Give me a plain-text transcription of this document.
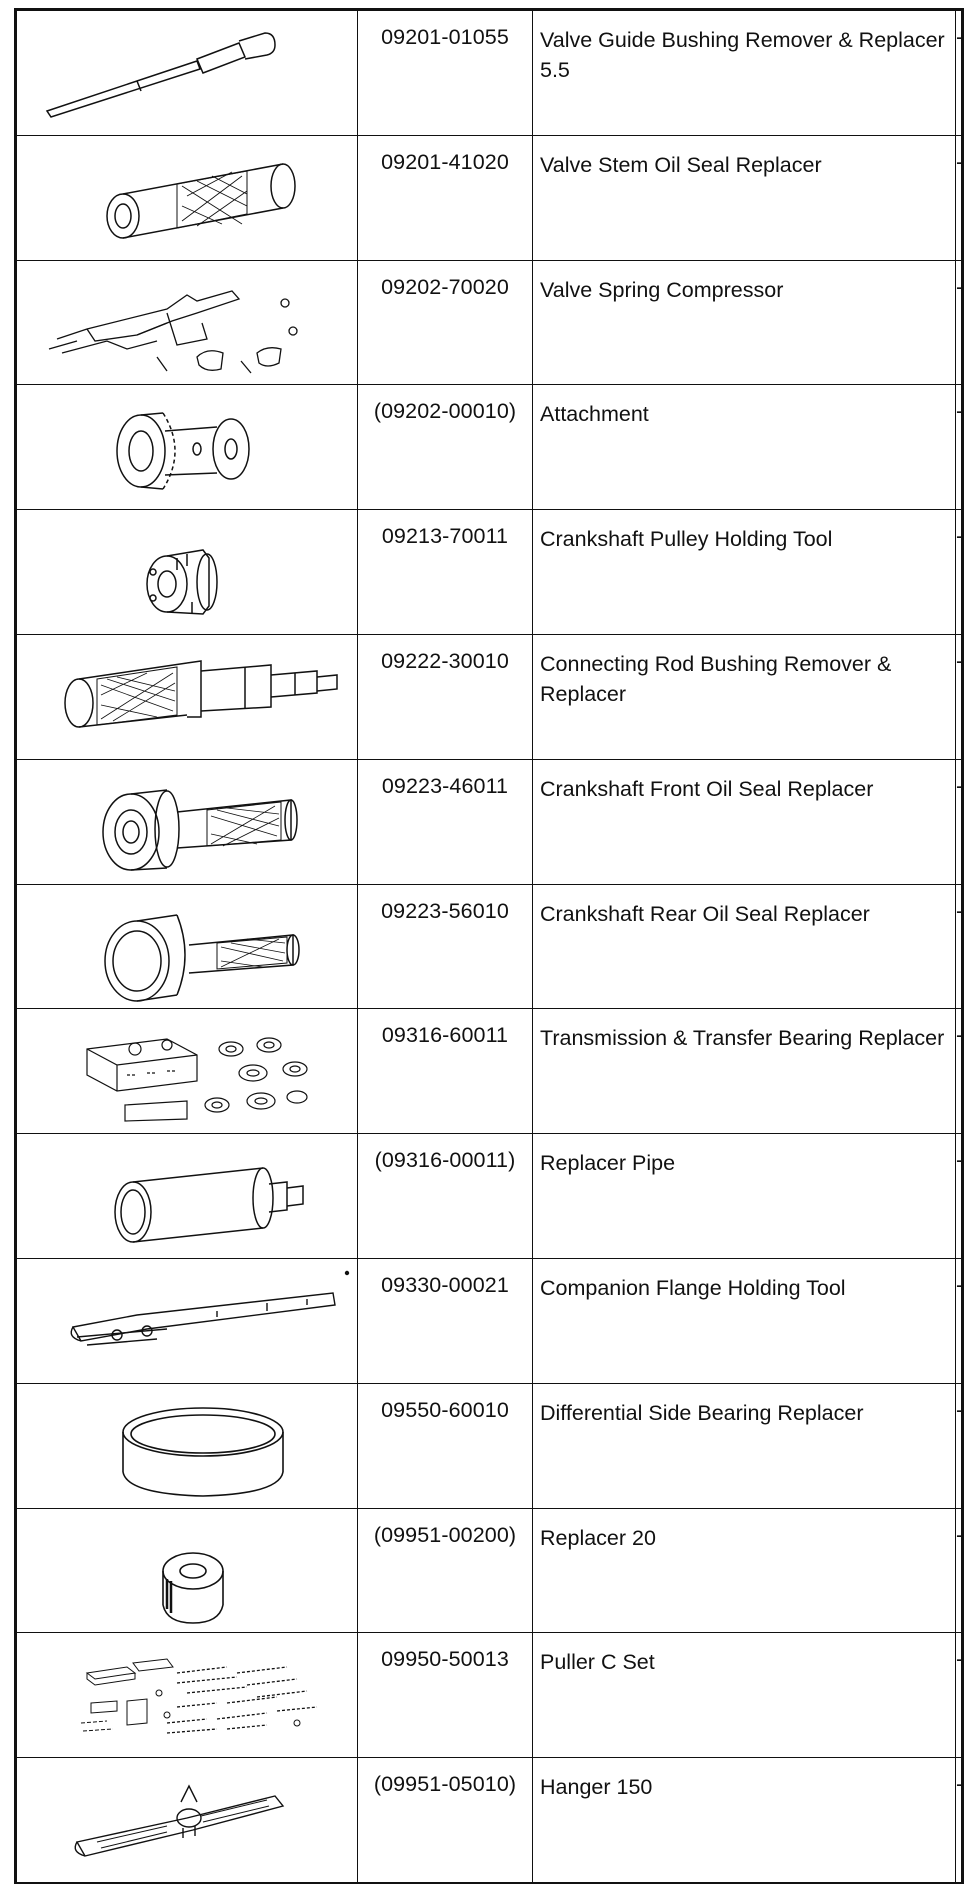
	09201-01055	Valve Guide Bushing Remover & Replacer 5.5	-

	09201-41020	Valve Stem Oil Seal Replacer	-

	09202-70020	Valve Spring Compressor	-

	(09202-00010)	Attachment	-

	09213-70011	Crankshaft Pulley Holding Tool	-

	09222-30010	Connecting Rod Bushing Remover & Replacer	-

	09223-46011	Crankshaft Front Oil Seal Replacer	-

	09223-56010	Crankshaft Rear Oil Seal Replacer	-

	09316-60011	Transmission & Transfer Bearing Replacer	-

	(09316-00011)	Replacer Pipe	-

	09330-00021	Companion Flange Holding Tool	-

	09550-60010	Differential Side Bearing Replacer	-

	(09951-00200)	Replacer 20	-

	09950-50013	Puller C Set	-

	(09951-05010)	Hanger 150	-
